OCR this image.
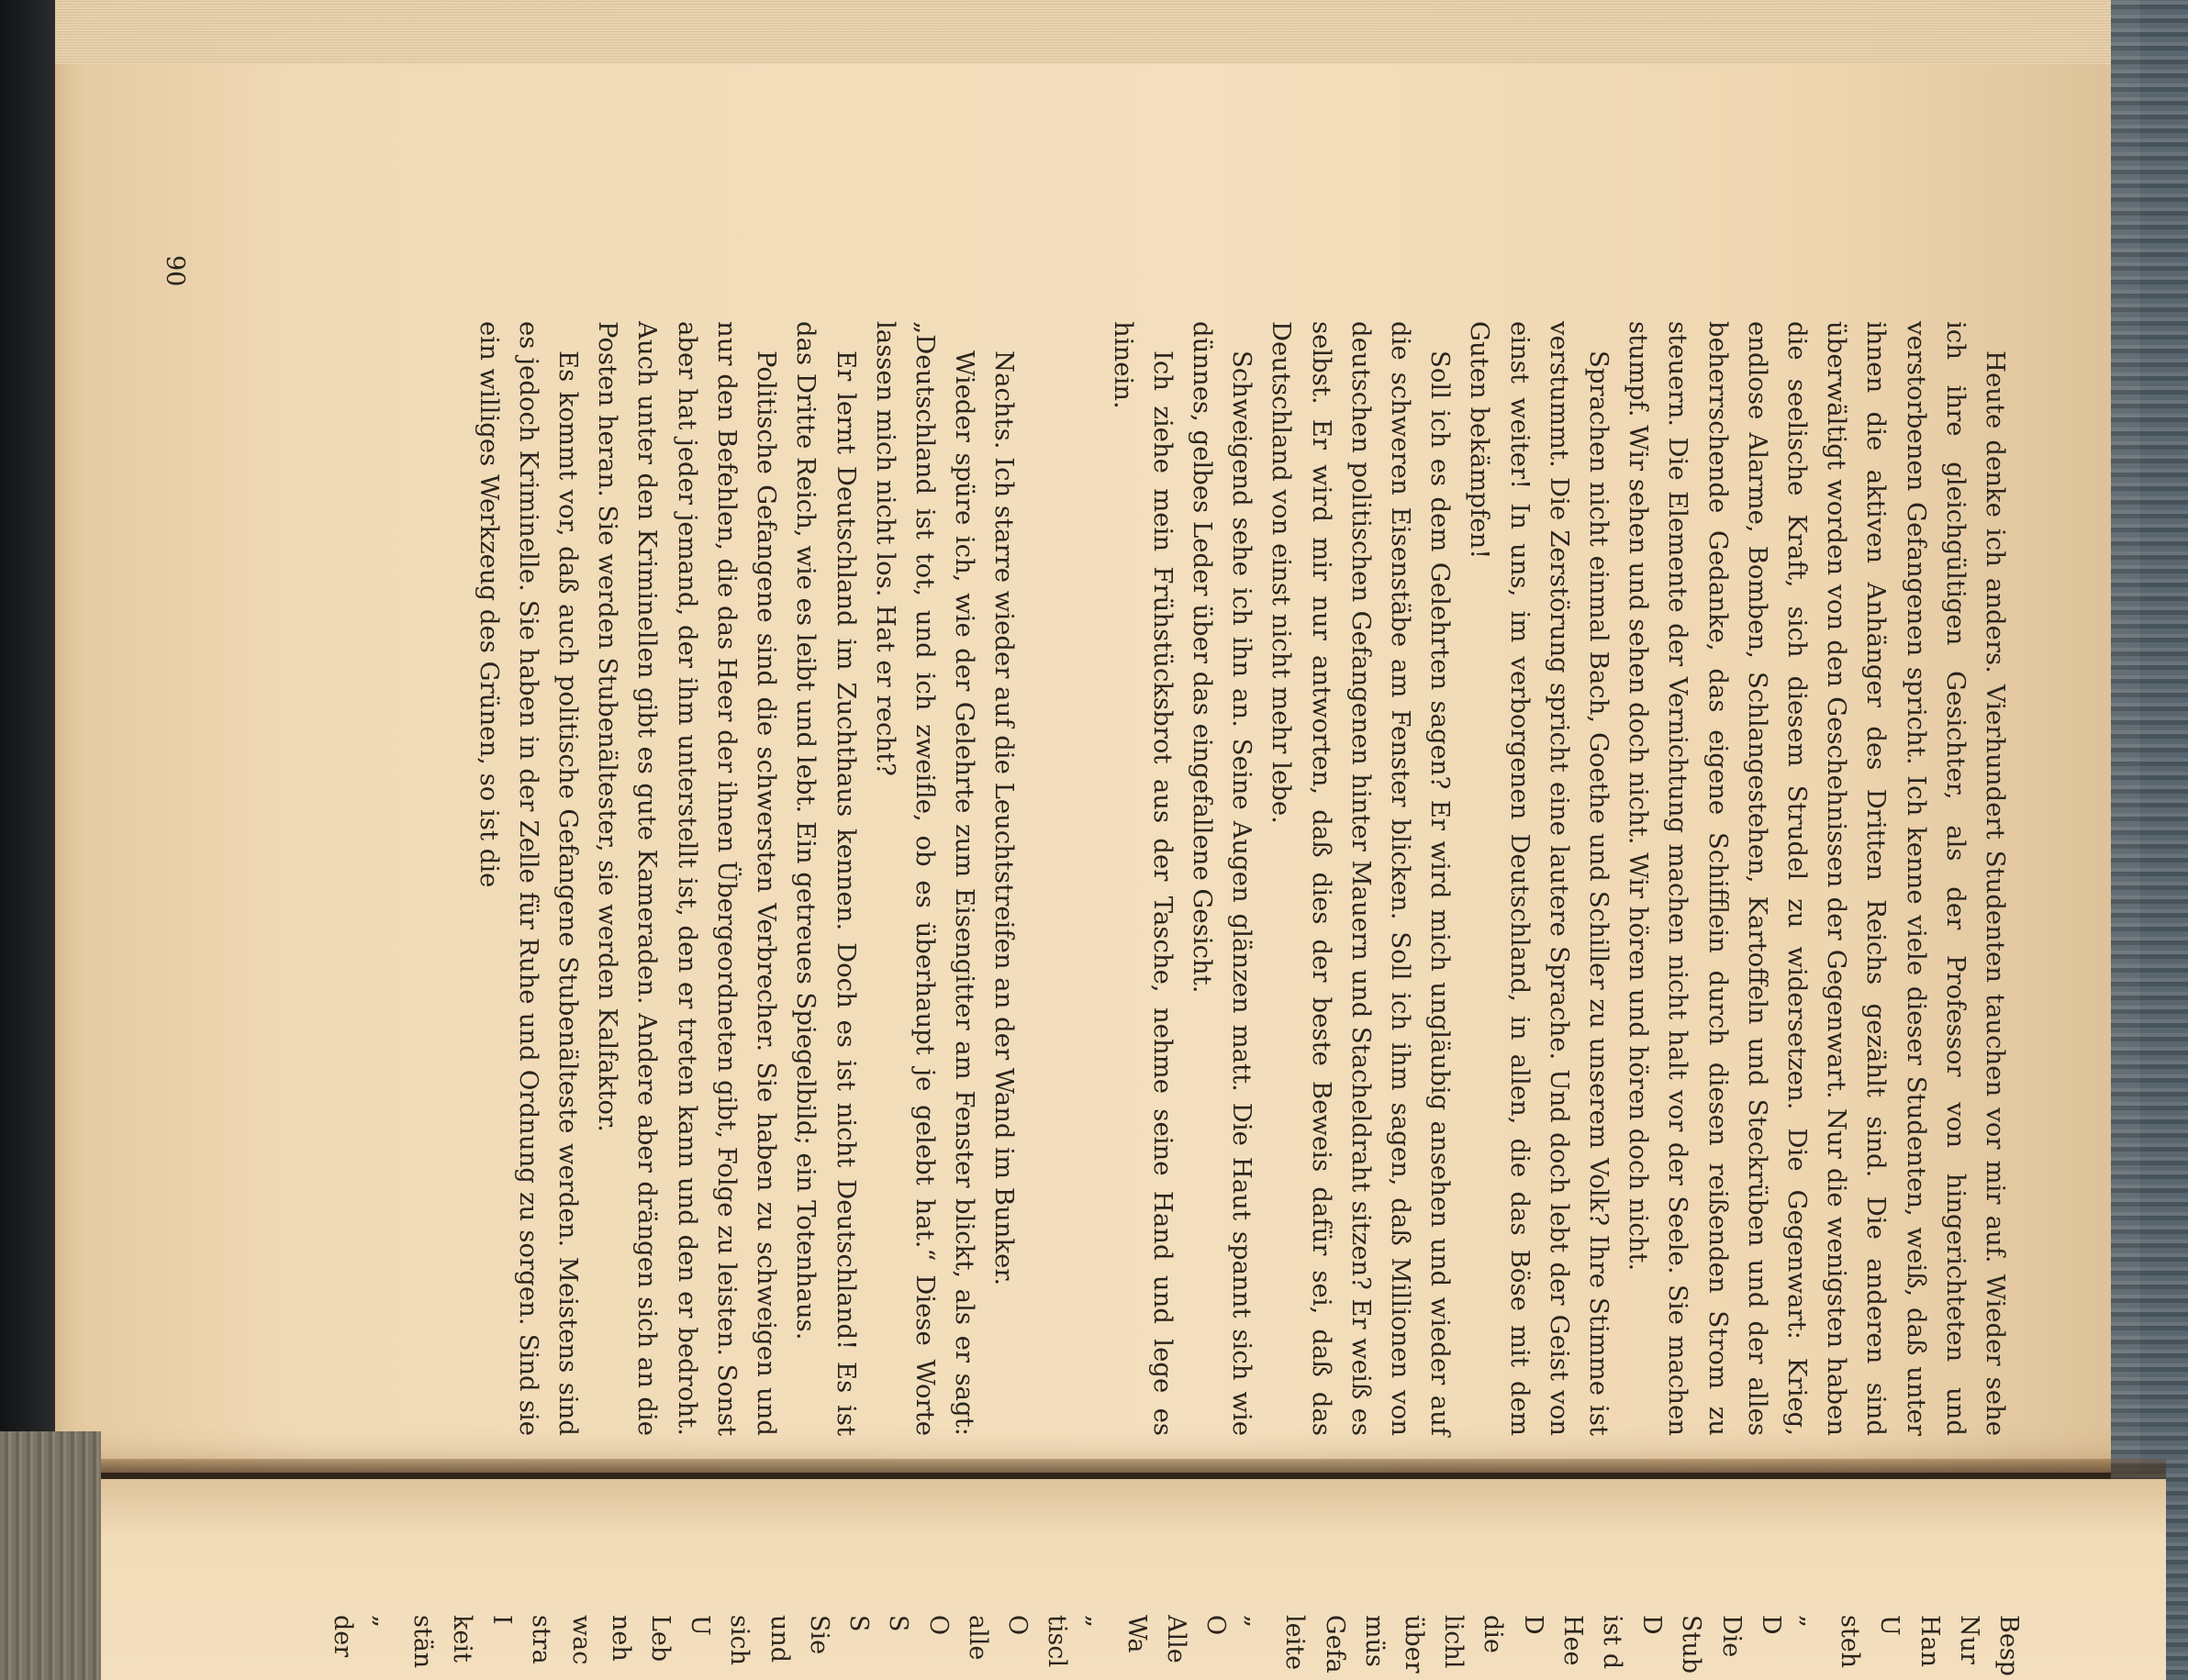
Heute denke ich anders. Vierhundert Studenten tauchen vor mir auf. Wieder sehe ich ihre gleichgültigen Gesichter, als der Professor von hingerichteten und verstorbenen Gefangenen spricht. Ich kenne viele dieser Studenten, weiß, daß unter ihnen die aktiven Anhänger des Dritten Reichs gezählt sind. Die anderen sind überwältigt worden von den Geschehnissen der Gegenwart. Nur die wenigsten haben die seelische Kraft, sich diesem Strudel zu widersetzen. Die Gegenwart: Krieg, endlose Alarme, Bomben, Schlangestehen, Kartoffeln und Steckrüben und der alles beherrschende Gedanke, das eigene Schifflein durch diesen reißenden Strom zu steuern. Die Elemente der Vernichtung machen nicht halt vor der Seele. Sie machen stumpf. Wir sehen und sehen doch nicht. Wir hören und hören doch nicht.

Sprachen nicht einmal Bach, Goethe und Schiller zu unserem Volk? Ihre Stimme ist verstummt. Die Zerstörung spricht eine lautere Sprache. Und doch lebt der Geist von einst weiter! In uns, im verborgenen Deutschland, in allen, die das Böse mit dem Guten bekämpfen!

Soll ich es dem Gelehrten sagen? Er wird mich ungläubig ansehen und wieder auf die schweren Eisenstäbe am Fenster blicken. Soll ich ihm sagen, daß Millionen von deutschen politischen Gefangenen hinter Mauern und Stacheldraht sitzen? Er weiß es selbst. Er wird mir nur antworten, daß dies der beste Beweis dafür sei, daß das Deutschland von einst nicht mehr lebe.

Schweigend sehe ich ihn an. Seine Augen glänzen matt. Die Haut spannt sich wie dünnes, gelbes Leder über das eingefallene Gesicht.

Ich ziehe mein Frühstücksbrot aus der Tasche, nehme seine Hand und lege es hinein.

Nachts. Ich starre wieder auf die Leuchtstreifen an der Wand im Bunker.

Wieder spüre ich, wie der Gelehrte zum Eisengitter am Fenster blickt, als er sagt: „Deutschland ist tot, und ich zweifle, ob es überhaupt je gelebt hat.“ Diese Worte lassen mich nicht los. Hat er recht?

Er lernt Deutschland im Zuchthaus kennen. Doch es ist nicht Deutschland! Es ist das Dritte Reich, wie es leibt und lebt. Ein getreues Spiegelbild; ein Totenhaus.

Politische Gefangene sind die schwersten Verbrecher. Sie haben zu schweigen und nur den Befehlen, die das Heer der ihnen Übergeordneten gibt, Folge zu leisten. Sonst aber hat jeder jemand, der ihm unterstellt ist, den er treten kann und den er bedroht. Auch unter den Kriminellen gibt es gute Kameraden. Andere aber drängen sich an die Posten heran. Sie werden Stubenältester, sie werden Kalfaktor.

Es kommt vor, daß auch politische Gefangene Stubenälteste werden. Meistens sind es jedoch Kriminelle. Sie haben in der Zelle für Ruhe und Ordnung zu sorgen. Sind sie ein williges Werkzeug des Grünen, so ist die

90
Besp
Nur
Han
U
steh
„
D
Die
Stub
D
ist d
Hee
D
die
lichl
über
müs
Gefa
leite
„
O
Alle
Wa
„
tiscl
O
alle
O
S
S
Sie
und
sich
U
Leb
neh
wac
stra
I
keit
stän
„
der
